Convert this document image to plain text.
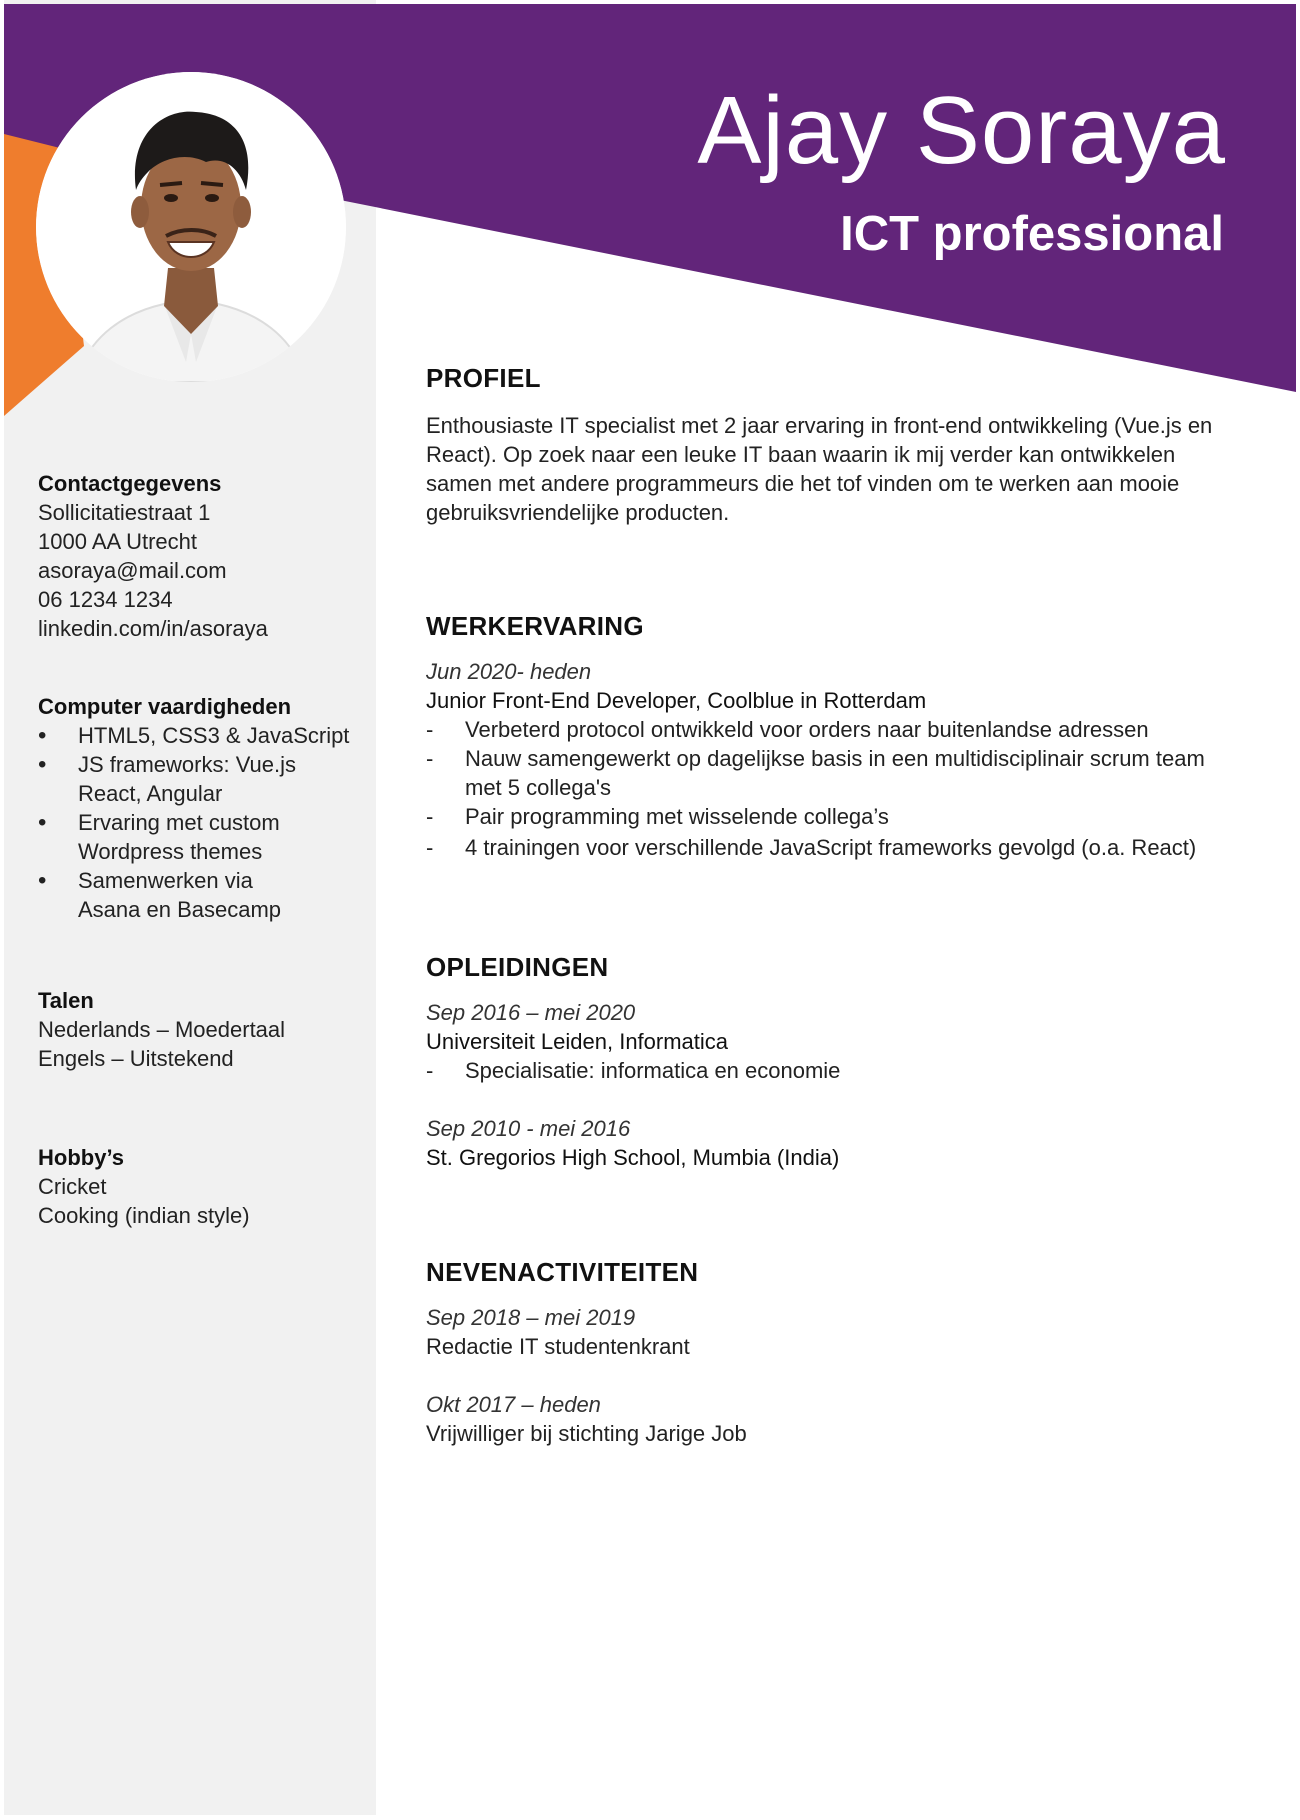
Ajay Soraya
ICT professional
Contactgegevens

Sollicitatiestraat 1

1000 AA Utrecht

asoraya@mail.com

06 1234 1234

linkedin.com/in/asoraya

Computer vaardigheden
• HTML5, CSS3 & JavaScript
• JS frameworks: Vue.js React, Angular
• Ervaring met custom Wordpress themes
• Samenwerken via Asana en Basecamp
Talen

Nederlands – Moedertaal

Engels – Uitstekend

Hobby’s

Cricket

Cooking (indian style)

PROFIEL

Enthousiaste IT specialist met 2 jaar ervaring in front-end ontwikkeling (Vue.js en React). Op zoek naar een leuke IT baan waarin ik mij verder kan ontwikkelen samen met andere programmeurs die het tof vinden om te werken aan mooie gebruiksvriendelijke producten.

WERKERVARING

Jun 2020- heden

Junior Front-End Developer, Coolblue in Rotterdam

- Verbeterd protocol ontwikkeld voor orders naar buitenlandse adressen

- Nauw samengewerkt op dagelijkse basis in een multidisciplinair scrum team met 5 collega's

- Pair programming met wisselende collega’s

- 4 trainingen voor verschillende JavaScript frameworks gevolgd (o.a. React)

OPLEIDINGEN

Sep 2016 – mei 2020

Universiteit Leiden, Informatica

- Specialisatie: informatica en economie

Sep 2010 - mei 2016

St. Gregorios High School, Mumbia (India)

NEVENACTIVITEITEN

Sep 2018 – mei 2019

Redactie IT studentenkrant

Okt 2017 – heden

Vrijwilliger bij stichting Jarige Job
